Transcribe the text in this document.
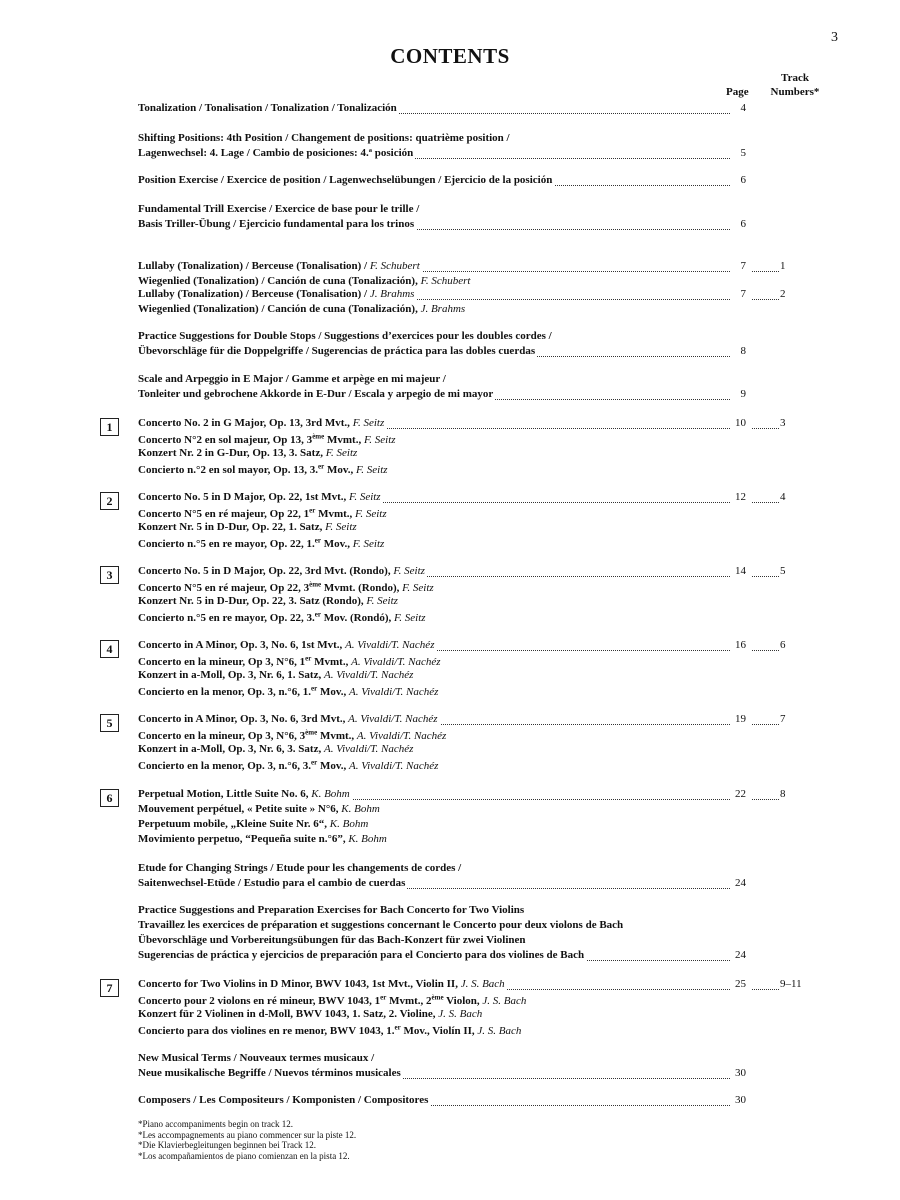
3
CONTENTS
Page
Track
Numbers*
Tonalization / Tonalisation / Tonalization / Tonalización	4
Shifting Positions: 4th Position / Changement de positions: quatrième position /
Lagenwechsel: 4. Lage / Cambio de posiciones: 4.ª posición	5
Position Exercise / Exercice de position / Lagenwechselübungen / Ejercicio de la posición	6
Fundamental Trill Exercise / Exercice de base pour le trille /
Basis Triller-Übung / Ejercicio fundamental para los trinos	6
Lullaby (Tonalization) / Berceuse (Tonalisation) / F. Schubert	7	1
Wiegenlied (Tonalization) / Canción de cuna (Tonalización), F. Schubert
Lullaby (Tonalization) / Berceuse (Tonalisation) / J. Brahms	7	2
Wiegenlied (Tonalization) / Canción de cuna (Tonalización), J. Brahms
Practice Suggestions for Double Stops / Suggestions d’exercices pour les doubles cordes /
Übevorschläge für die Doppelgriffe / Sugerencias de práctica para las dobles cuerdas	8
Scale and Arpeggio in E Major / Gamme et arpège en mi majeur /
Tonleiter und gebrochene Akkorde in E-Dur / Escala y arpegio de mi mayor	9
1	Concerto No. 2 in G Major, Op. 13, 3rd Mvt., F. Seitz	10	3
Concerto N°2 en sol majeur, Op 13, 3ème Mvmt., F. Seitz
Konzert Nr. 2 in G-Dur, Op. 13, 3. Satz, F. Seitz
Concierto n.°2 en sol mayor, Op. 13, 3.$^{er}$ Mov., F. Seitz
2	Concerto No. 5 in D Major, Op. 22, 1st Mvt., F. Seitz	12	4
Concerto N°5 en ré majeur, Op 22, 1er Mvmt., F. Seitz
Konzert Nr. 5 in D-Dur, Op. 22, 1. Satz, F. Seitz
Concierto n.°5 en re mayor, Op. 22, 1.$^{er}$ Mov., F. Seitz
3	Concerto No. 5 in D Major, Op. 22, 3rd Mvt. (Rondo), F. Seitz	14	5
Concerto N°5 en ré majeur, Op 22, 3ème Mvmt. (Rondo), F. Seitz
Konzert Nr. 5 in D-Dur, Op. 22, 3. Satz (Rondo), F. Seitz
Concierto n.°5 en re mayor, Op. 22, 3.$^{er}$ Mov. (Rondó), F. Seitz
4	Concerto in A Minor, Op. 3, No. 6, 1st Mvt., A. Vivaldi/T. Nachéz	16	6
Concerto en la mineur, Op 3, N°6, 1er Mvmt., A. Vivaldi/T. Nachéz
Konzert in a-Moll, Op. 3, Nr. 6, 1. Satz, A. Vivaldi/T. Nachéz
Concierto en la menor, Op. 3, n.°6, 1.$^{er}$ Mov., A. Vivaldi/T. Nachéz
5	Concerto in A Minor, Op. 3, No. 6, 3rd Mvt., A. Vivaldi/T. Nachéz	19	7
Concerto en la mineur, Op 3, N°6, 3ème Mvmt., A. Vivaldi/T. Nachéz
Konzert in a-Moll, Op. 3, Nr. 6, 3. Satz, A. Vivaldi/T. Nachéz
Concierto en la menor, Op. 3, n.°6, 3.$^{er}$ Mov., A. Vivaldi/T. Nachéz
6	Perpetual Motion, Little Suite No. 6, K. Bohm	22	8
Mouvement perpétuel, « Petite suite » N°6, K. Bohm
Perpetuum mobile, „Kleine Suite Nr. 6“, K. Bohm
Movimiento perpetuo, “Pequeña suite n.°6”, K. Bohm
Etude for Changing Strings / Etude pour les changements de cordes /
Saitenwechsel-Etüde / Estudio para el cambio de cuerdas	24
Practice Suggestions and Preparation Exercises for Bach Concerto for Two Violins
Travaillez les exercices de préparation et suggestions concernant le Concerto pour deux violons de Bach
Übevorschläge und Vorbereitungsübungen für das Bach-Konzert für zwei Violinen
Sugerencias de práctica y ejercicios de preparación para el Concierto para dos violines de Bach	24
7	Concerto for Two Violins in D Minor, BWV 1043, 1st Mvt., Violin II, J. S. Bach	25	9–11
Concerto pour 2 violons en ré mineur, BWV 1043, 1er Mvmt., 2ème Violon, J. S. Bach
Konzert für 2 Violinen in d-Moll, BWV 1043, 1. Satz, 2. Violine, J. S. Bach
Concierto para dos violines en re menor, BWV 1043, 1.$^{er}$ Mov., Violín II, J. S. Bach
New Musical Terms / Nouveaux termes musicaux /
Neue musikalische Begriffe / Nuevos términos musicales	30
Composers / Les Compositeurs / Komponisten / Compositores	30
*Piano accompaniments begin on track 12.
*Les accompagnements au piano commencer sur la piste 12.
*Die Klavierbegleitungen beginnen bei Track 12.
*Los acompañamientos de piano comienzan en la pista 12.
